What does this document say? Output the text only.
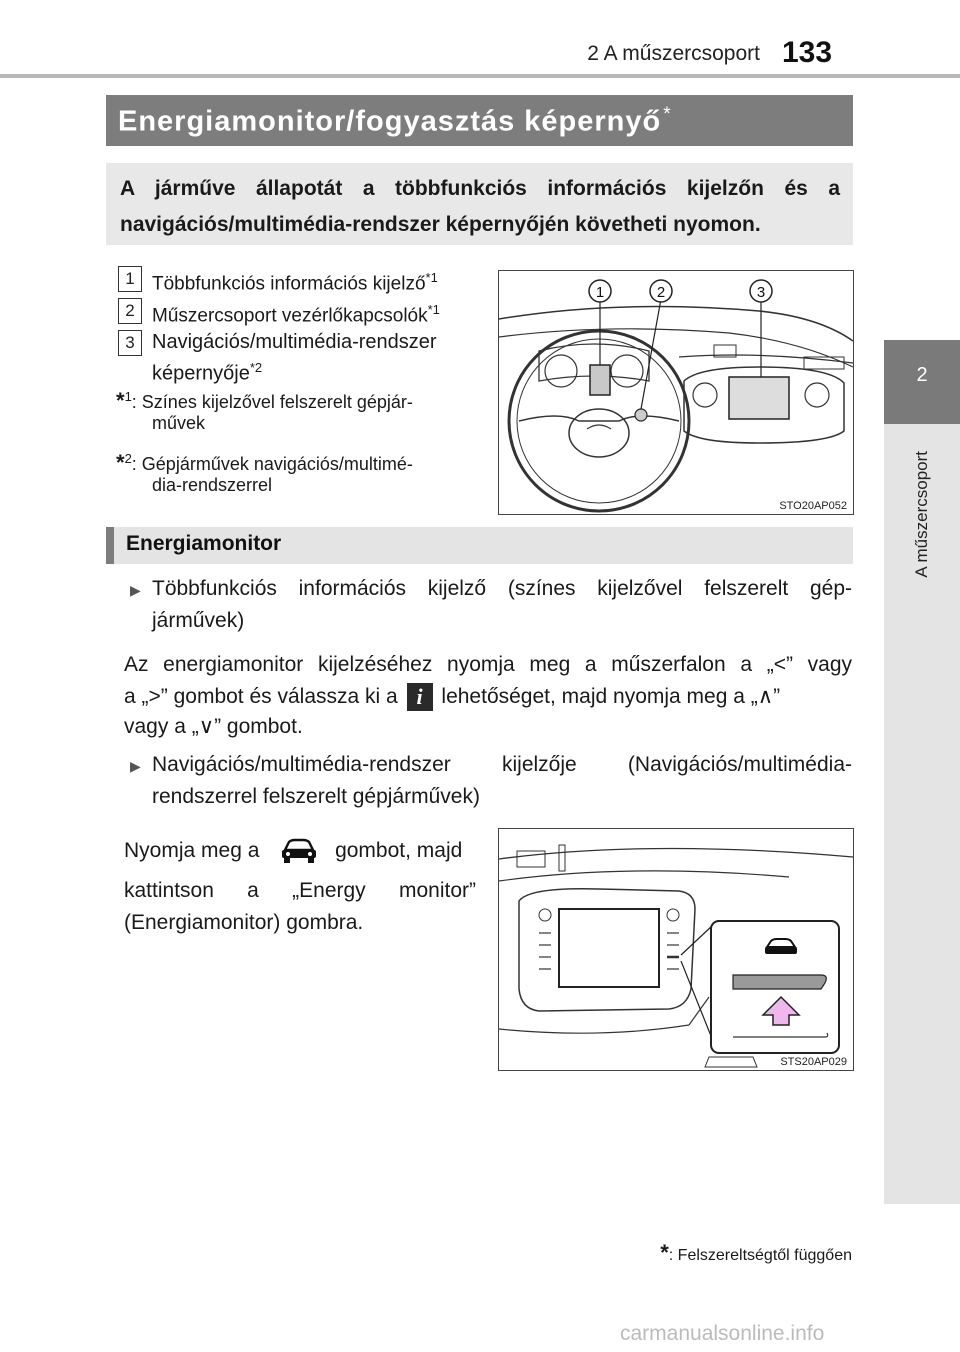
2 A műszercsoport 133
2
A műszercsoport
Energiamonitor/fogyasztás képernyő *
A járműve állapotát a többfunkciós információs kijelzőn és a navigációs/multimédia-rendszer képernyőjén követheti nyomon.
1 Többfunkciós információs kijelző$^{*1}$
2 Műszercsoport vezérlőkapcsolók$^{*1}$
3 Navigációs/multimédia-rendszer
képernyője$^{*2}$
*$^1$: Színes kijelzővel felszerelt gépjár-
művek
*$^2$: Gépjárművek navigációs/multimé-
dia-rendszerrel
1	2	3
STO20AP052
Energiamonitor
▶ Többfunkciós információs kijelző (színes kijelzővel felszerelt gép-
járművek)
Az energiamonitor kijelzéséhez nyomja meg a műszerfalon a „<” vagy
a „>” gombot és válassza ki a i lehetőséget, majd nyomja meg a „∧”
vagy a „∨” gombot.
▶ Navigációs/multimédia-rendszer kijelzője (Navigációs/multimédia-
rendszerrel felszerelt gépjárművek)
Nyomja meg a	gombot, majd
kattintson a „Energy monitor”
(Energiamonitor) gombra.
STS20AP029
*: Felszereltségtől függően
carmanualsonline.info
